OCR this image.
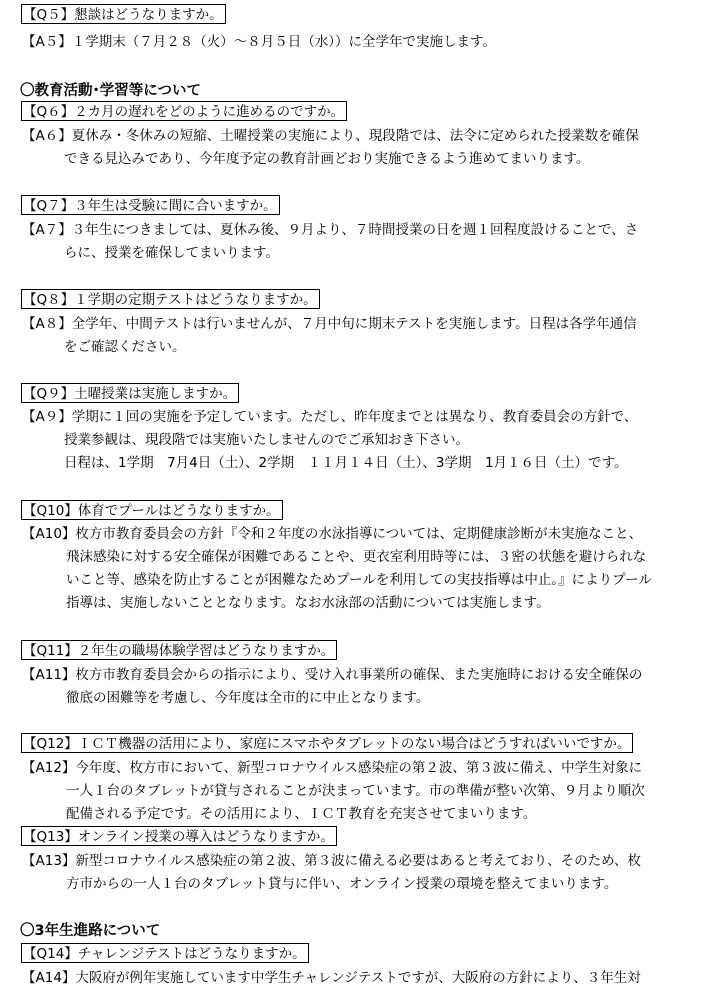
【Q５】懇談はどうなりますか。
【A５】１学期末（７月２８（火）～８月５日（水））に全学年で実施します。
〇教育活動･学習等について
【Q６】２カ月の遅れをどのように進めるのですか。
【A６】夏休み・冬休みの短縮、土曜授業の実施により、現段階では、法令に定められた授業数を確保
できる見込みであり、今年度予定の教育計画どおり実施できるよう進めてまいります。
【Q７】３年生は受験に間に合いますか。
【A７】３年生につきましては、夏休み後、９月より、７時間授業の日を週１回程度設けることで、さ
らに、授業を確保してまいります。
【Q８】１学期の定期テストはどうなりますか。
【A８】全学年、中間テストは行いませんが、７月中旬に期末テストを実施します。日程は各学年通信
をご確認ください。
【Q９】土曜授業は実施しますか。
【A９】学期に１回の実施を予定しています。ただし、昨年度までとは異なり、教育委員会の方針で、
授業参観は、現段階では実施いたしませんのでご承知おき下さい。
日程は、1学期　7月4日（土）、2学期　１１月１４日（土）、3学期　1月１６日（土）です。
【Q10】体育でプールはどうなりますか。
【A10】枚方市教育委員会の方針『令和２年度の水泳指導については、定期健康診断が未実施なこと、
飛沫感染に対する安全確保が困難であることや、更衣室利用時等には、３密の状態を避けられな
いこと等、感染を防止することが困難なためプールを利用しての実技指導は中止。』によりプール
指導は、実施しないこととなります。なお水泳部の活動については実施します。
【Q11】２年生の職場体験学習はどうなりますか。
【A11】枚方市教育委員会からの指示により、受け入れ事業所の確保、また実施時における安全確保の
徹底の困難等を考慮し、今年度は全市的に中止となります。
【Q12】ＩＣＴ機器の活用により、家庭にスマホやタブレットのない場合はどうすればいいですか。
【A12】今年度、枚方市において、新型コロナウイルス感染症の第２波、第３波に備え、中学生対象に
一人１台のタブレットが貸与されることが決まっています。市の準備が整い次第、９月より順次
配備される予定です。その活用により、ＩＣＴ教育を充実させてまいります。
【Q13】オンライン授業の導入はどうなりますか。
【A13】新型コロナウイルス感染症の第２波、第３波に備える必要はあると考えており、そのため、枚
方市からの一人１台のタブレット貸与に伴い、オンライン授業の環境を整えてまいります。
〇3年生進路について
【Q14】チャレンジテストはどうなりますか。
【A14】大阪府が例年実施しています中学生チャレンジテストですが、大阪府の方針により、３年生対
